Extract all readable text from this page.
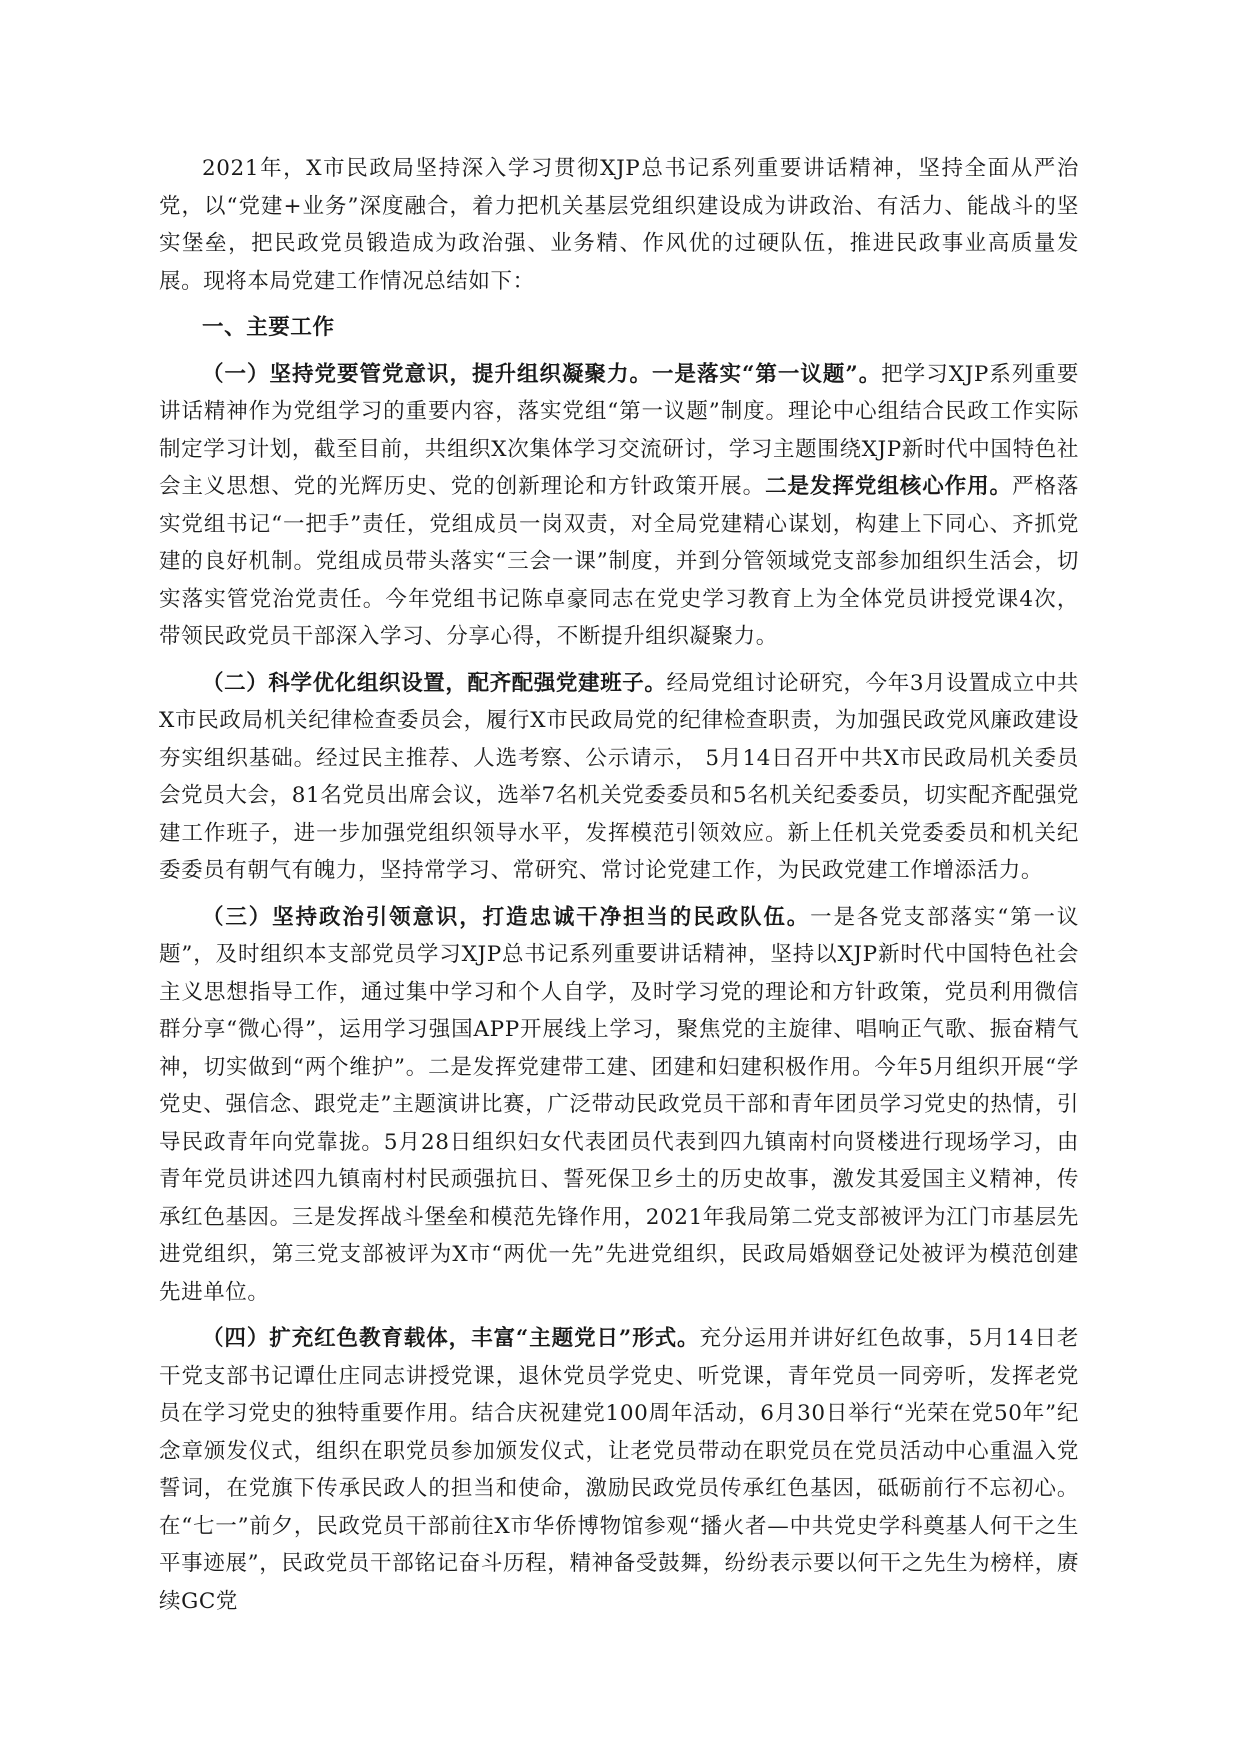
2021年，X市民政局坚持深入学习贯彻XJP总书记系列重要讲话精神，坚持全面从严治党，以“党建+业务”深度融合，着力把机关基层党组织建设成为讲政治、有活力、能战斗的坚实堡垒，把民政党员锻造成为政治强、业务精、作风优的过硬队伍，推进民政事业高质量发展。现将本局党建工作情况总结如下：

一、主要工作

（一）坚持党要管党意识，提升组织凝聚力。一是落实“第一议题”。把学习XJP系列重要讲话精神作为党组学习的重要内容，落实党组“第一议题”制度。理论中心组结合民政工作实际制定学习计划，截至目前，共组织X次集体学习交流研讨，学习主题围绕XJP新时代中国特色社会主义思想、党的光辉历史、党的创新理论和方针政策开展。二是发挥党组核心作用。严格落实党组书记“一把手”责任，党组成员一岗双责，对全局党建精心谋划，构建上下同心、齐抓党建的良好机制。党组成员带头落实“三会一课”制度，并到分管领域党支部参加组织生活会，切实落实管党治党责任。今年党组书记陈卓豪同志在党史学习教育上为全体党员讲授党课4次，带领民政党员干部深入学习、分享心得，不断提升组织凝聚力。

（二）科学优化组织设置，配齐配强党建班子。经局党组讨论研究，今年3月设置成立中共X市民政局机关纪律检查委员会，履行X市民政局党的纪律检查职责，为加强民政党风廉政建设夯实组织基础。经过民主推荐、人选考察、公示请示， 5月14日召开中共X市民政局机关委员会党员大会，81名党员出席会议，选举7名机关党委委员和5名机关纪委委员，切实配齐配强党建工作班子，进一步加强党组织领导水平，发挥模范引领效应。新上任机关党委委员和机关纪委委员有朝气有魄力，坚持常学习、常研究、常讨论党建工作，为民政党建工作增添活力。

（三）坚持政治引领意识，打造忠诚干净担当的民政队伍。一是各党支部落实“第一议题”，及时组织本支部党员学习XJP总书记系列重要讲话精神，坚持以XJP新时代中国特色社会主义思想指导工作，通过集中学习和个人自学，及时学习党的理论和方针政策，党员利用微信群分享“微心得”，运用学习强国APP开展线上学习，聚焦党的主旋律、唱响正气歌、振奋精气神，切实做到“两个维护”。二是发挥党建带工建、团建和妇建积极作用。今年5月组织开展“学党史、强信念、跟党走”主题演讲比赛，广泛带动民政党员干部和青年团员学习党史的热情，引导民政青年向党靠拢。5月28日组织妇女代表团员代表到四九镇南村向贤楼进行现场学习，由青年党员讲述四九镇南村村民顽强抗日、誓死保卫乡土的历史故事，激发其爱国主义精神，传承红色基因。三是发挥战斗堡垒和模范先锋作用，2021年我局第二党支部被评为江门市基层先进党组织，第三党支部被评为X市“两优一先”先进党组织，民政局婚姻登记处被评为模范创建先进单位。

（四）扩充红色教育载体，丰富“主题党日”形式。充分运用并讲好红色故事，5月14日老干党支部书记谭仕庄同志讲授党课，退休党员学党史、听党课，青年党员一同旁听，发挥老党员在学习党史的独特重要作用。结合庆祝建党100周年活动，6月30日举行“光荣在党50年”纪念章颁发仪式，组织在职党员参加颁发仪式，让老党员带动在职党员在党员活动中心重温入党誓词，在党旗下传承民政人的担当和使命，激励民政党员传承红色基因，砥砺前行不忘初心。在“七一”前夕，民政党员干部前往X市华侨博物馆参观“播火者—中共党史学科奠基人何干之生平事迹展”，民政党员干部铭记奋斗历程，精神备受鼓舞，纷纷表示要以何干之先生为榜样，赓续GC党
